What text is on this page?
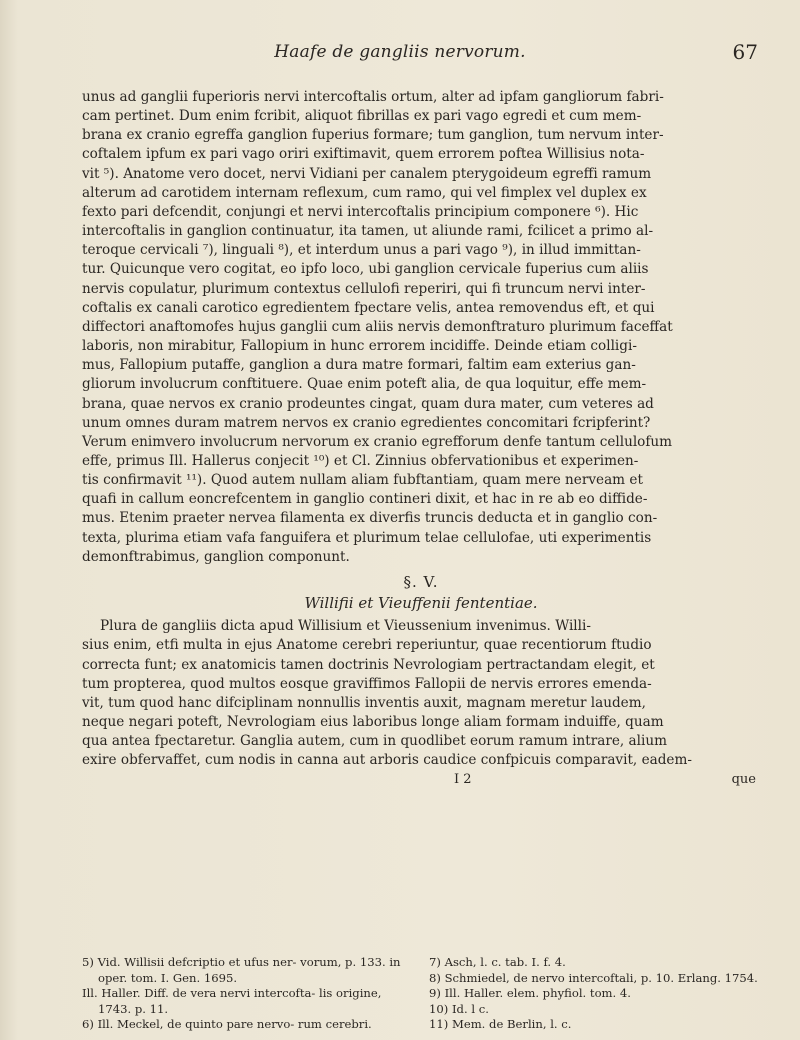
Haafe de gangliis nervorum.	67
unus ad ganglii fuperioris nervi intercoftalis ortum, alter ad ipfam gangliorum fabri-
cam pertinet. Dum enim fcribit, aliquot fibrillas ex pari vago egredi et cum mem-
brana ex cranio egreffa ganglion fuperius formare; tum ganglion, tum nervum inter-
coftalem ipfum ex pari vago oriri exiftimavit, quem errorem poftea Willisius nota-
vit ⁵). Anatome vero docet, nervi Vidiani per canalem pterygoideum egreffi ramum
alterum ad carotidem internam reflexum, cum ramo, qui vel fimplex vel duplex ex
fexto pari defcendit, conjungi et nervi intercoftalis principium componere ⁶). Hic
intercoftalis in ganglion continuatur, ita tamen, ut aliunde rami, fcilicet a primo al-
teroque cervicali ⁷), linguali ⁸), et interdum unus a pari vago ⁹), in illud immittan-
tur. Quicunque vero cogitat, eo ipfo loco, ubi ganglion cervicale fuperius cum aliis
nervis copulatur, plurimum contextus cellulofi reperiri, qui fi truncum nervi inter-
coftalis ex canali carotico egredientem fpectare velis, antea removendus eft, et qui
diffectori anaftomofes hujus ganglii cum aliis nervis demonftraturo plurimum faceffat
laboris, non mirabitur, Fallopium in hunc errorem incidiffe. Deinde etiam colligi-
mus, Fallopium putaffe, ganglion a dura matre formari, faltim eam exterius gan-
gliorum involucrum conftituere. Quae enim poteft alia, de qua loquitur, effe mem-
brana, quae nervos ex cranio prodeuntes cingat, quam dura mater, cum veteres ad
unum omnes duram matrem nervos ex cranio egredientes concomitari fcripferint?
Verum enimvero involucrum nervorum ex cranio egrefforum denfe tantum cellulofum
effe, primus Ill. Hallerus conjecit ¹⁰) et Cl. Zinnius obfervationibus et experimen-
tis confirmavit ¹¹). Quod autem nullam aliam fubftantiam, quam mere nerveam et
quafi in callum eoncrefcentem in ganglio contineri dixit, et hac in re ab eo diffide-
mus. Etenim praeter nervea filamenta ex diverfis truncis deducta et in ganglio con-
texta, plurima etiam vafa fanguifera et plurimum telae cellulofae, uti experimentis
demonftrabimus, ganglion componunt.
§. V.
Willifii et Vieuffenii fententiae.
Plura de gangliis dicta apud Willisium et Vieussenium invenimus. Willi-
sius enim, etfi multa in ejus Anatome cerebri reperiuntur, quae recentiorum ftudio
correcta funt; ex anatomicis tamen doctrinis Nevrologiam pertractandam elegit, et
tum propterea, quod multos eosque graviffimos Fallopii de nervis errores emenda-
vit, tum quod hanc difciplinam nonnullis inventis auxit, magnam meretur laudem,
neque negari poteft, Nevrologiam eius laboribus longe aliam formam induiffe, quam
qua antea fpectaretur. Ganglia autem, cum in quodlibet eorum ramum intrare, alium
exire obfervaffet, cum nodis in canna aut arboris caudice confpicuis comparavit, eadem-
I 2	que
5) Vid. Willisii defcriptio et ufus ner- vorum, p. 133. in oper. tom. I. Gen. 1695.
Ill. Haller. Diff. de vera nervi intercofta- lis origine, 1743. p. 11.
6) Ill. Meckel, de quinto pare nervo- rum cerebri.
7) Asch, l. c. tab. I. f. 4.
8) Schmiedel, de nervo intercoftali, p. 10. Erlang. 1754.
9) Ill. Haller. elem. phyfiol. tom. 4.
10) Id. l c.
11) Mem. de Berlin, l. c.
